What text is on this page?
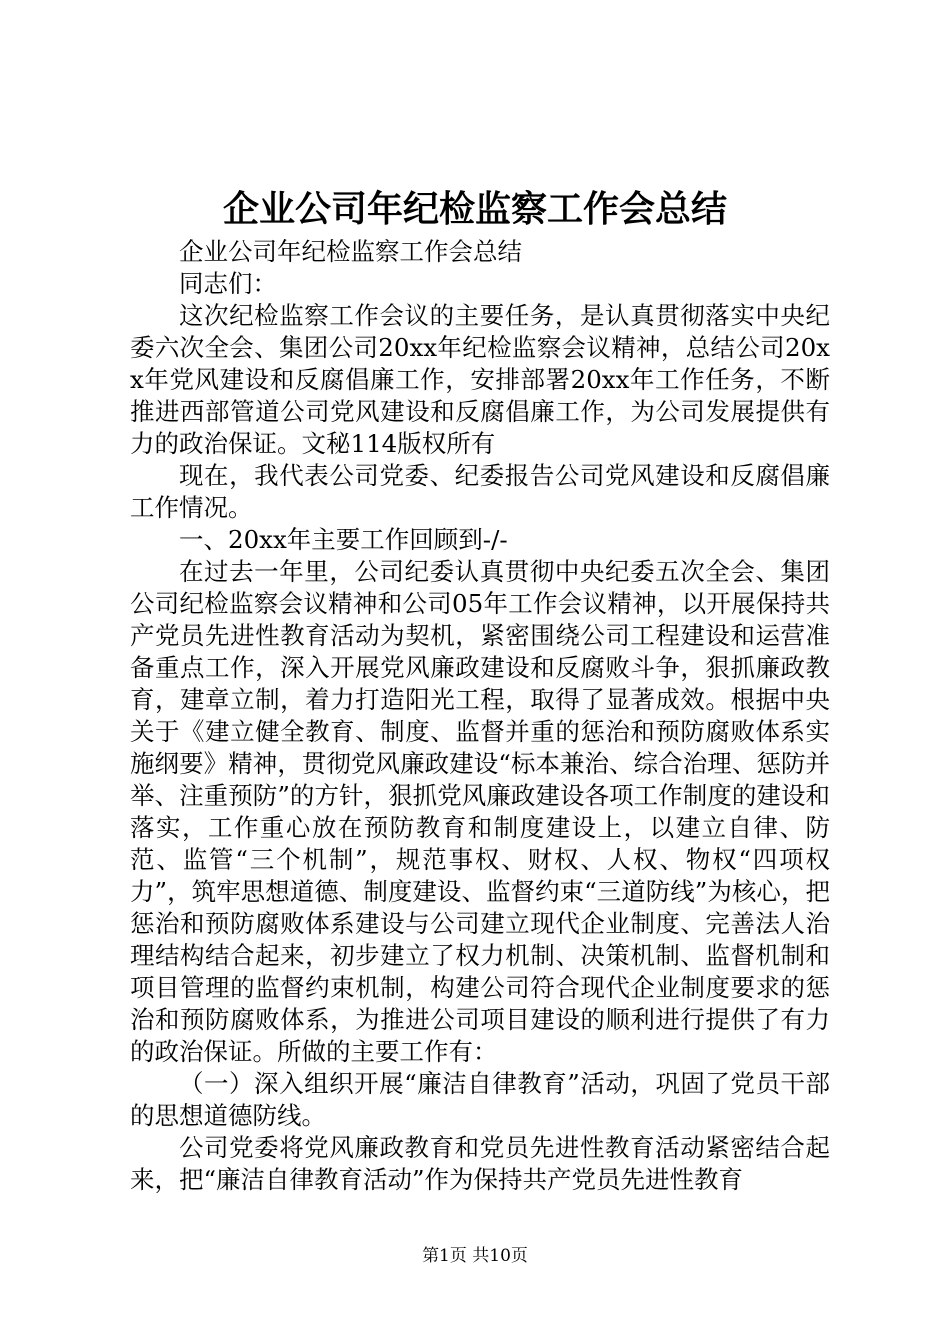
企业公司年纪检监察工作会总结

企业公司年纪检监察工作会总结

同志们：

这次纪检监察工作会议的主要任务，是认真贯彻落实中央纪委六次全会、集团公司20xx年纪检监察会议精神，总结公司20xx年党风建设和反腐倡廉工作，安排部署20xx年工作任务，不断推进西部管道公司党风建设和反腐倡廉工作，为公司发展提供有力的政治保证。文秘114版权所有

现在，我代表公司党委、纪委报告公司党风建设和反腐倡廉工作情况。

一、20xx年主要工作回顾到-/-

在过去一年里，公司纪委认真贯彻中央纪委五次全会、集团公司纪检监察会议精神和公司05年工作会议精神，以开展保持共产党员先进性教育活动为契机，紧密围绕公司工程建设和运营准备重点工作，深入开展党风廉政建设和反腐败斗争，狠抓廉政教育，建章立制，着力打造阳光工程，取得了显著成效。根据中央关于《建立健全教育、制度、监督并重的惩治和预防腐败体系实施纲要》精神，贯彻党风廉政建设“标本兼治、综合治理、惩防并举、注重预防”的方针，狠抓党风廉政建设各项工作制度的建设和落实，工作重心放在预防教育和制度建设上，以建立自律、防范、监管“三个机制”，规范事权、财权、人权、物权“四项权力”，筑牢思想道德、制度建设、监督约束“三道防线”为核心，把惩治和预防腐败体系建设与公司建立现代企业制度、完善法人治理结构结合起来，初步建立了权力机制、决策机制、监督机制和项目管理的监督约束机制，构建公司符合现代企业制度要求的惩治和预防腐败体系，为推进公司项目建设的顺利进行提供了有力的政治保证。所做的主要工作有：

（一）深入组织开展“廉洁自律教育”活动，巩固了党员干部的思想道德防线。

公司党委将党风廉政教育和党员先进性教育活动紧密结合起来，把“廉洁自律教育活动”作为保持共产党员先进性教育

第1页 共10页
